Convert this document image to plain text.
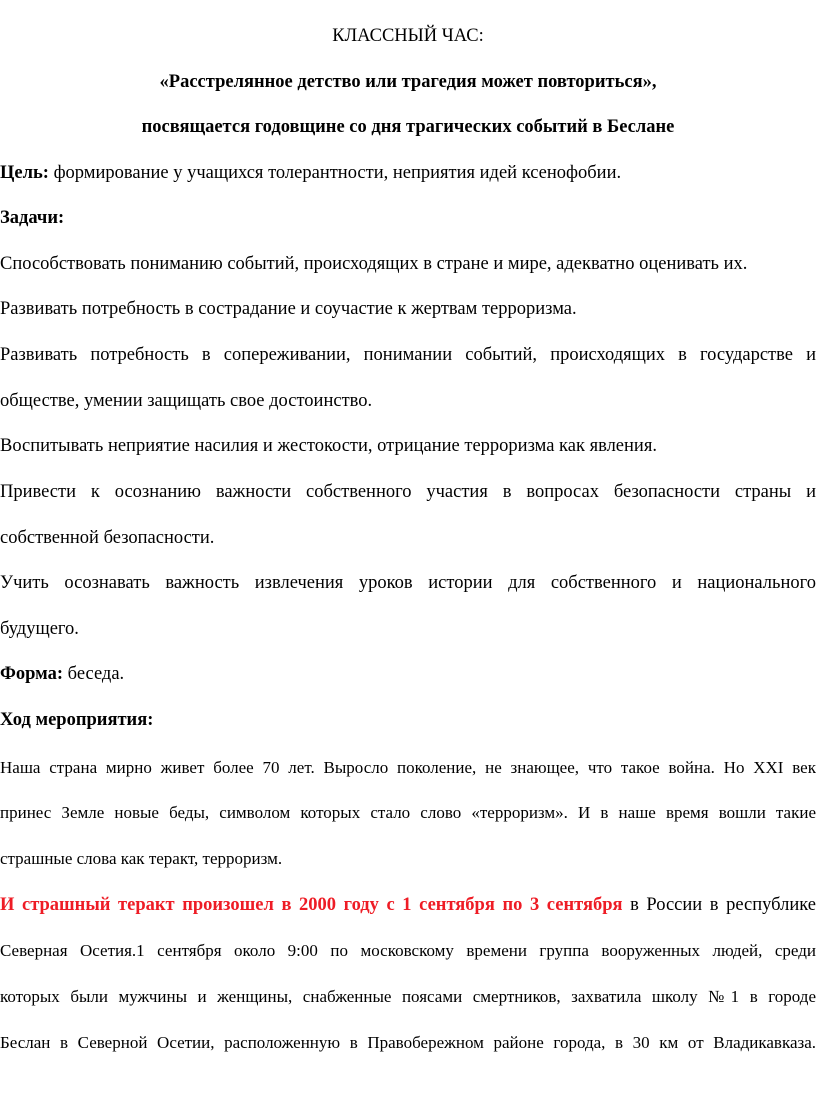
КЛАССНЫЙ ЧАС:

«Расстрелянное детство или трагедия может повториться»,

посвящается годовщине со дня трагических событий в Беслане

Цель: формирование у учащихся толерантности, неприятия идей ксенофобии.

Задачи:

Способствовать пониманию событий, происходящих в стране и мире, адекватно оценивать их.

Развивать потребность в сострадание и соучастие к жертвам терроризма.

Развивать потребность в сопереживании, понимании событий, происходящих в государстве и

обществе, умении защищать свое достоинство.

Воспитывать неприятие насилия и жестокости, отрицание терроризма как явления.

Привести к осознанию важности собственного участия в вопросах безопасности страны и

собственной безопасности.

Учить осознавать важность извлечения уроков истории для собственного и национального

будущего.

Форма: беседа.

Ход мероприятия:

Наша страна мирно живет более 70 лет. Выросло поколение, не знающее, что такое война. Но XXI век

принес Земле новые беды, символом которых стало слово «терроризм». И в наше время вошли такие

страшные слова как теракт, терроризм.

И страшный теракт произошел в 2000 году с 1 сентября по 3 сентября в России в республике

Северная Осетия.1 сентября около 9:00 по московскому времени группа вооруженных людей, среди

которых были мужчины и женщины, снабженные поясами смертников, захватила школу №1 в городе

Беслан в Северной Осетии, расположенную в Правобережном районе города, в 30 км от Владикавказа.
